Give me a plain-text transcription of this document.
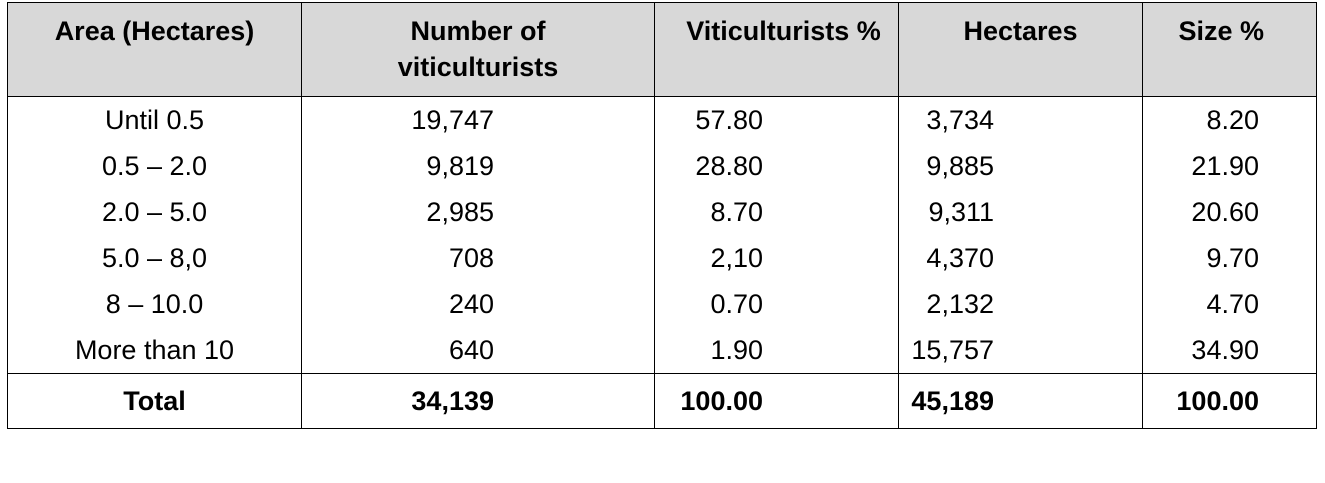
Area (Hectares)	Number of viticulturists	Viticulturists %	Hectares	Size %
Until 0.5	19,747	57.80	3,734	8.20
0.5 – 2.0	9,819	28.80	9,885	21.90
2.0 – 5.0	2,985	8.70	9,311	20.60
5.0 – 8,0	708	2,10	4,370	9.70
8 – 10.0	240	0.70	2,132	4.70
More than 10	640	1.90	15,757	34.90
Total	34,139	100.00	45,189	100.00
